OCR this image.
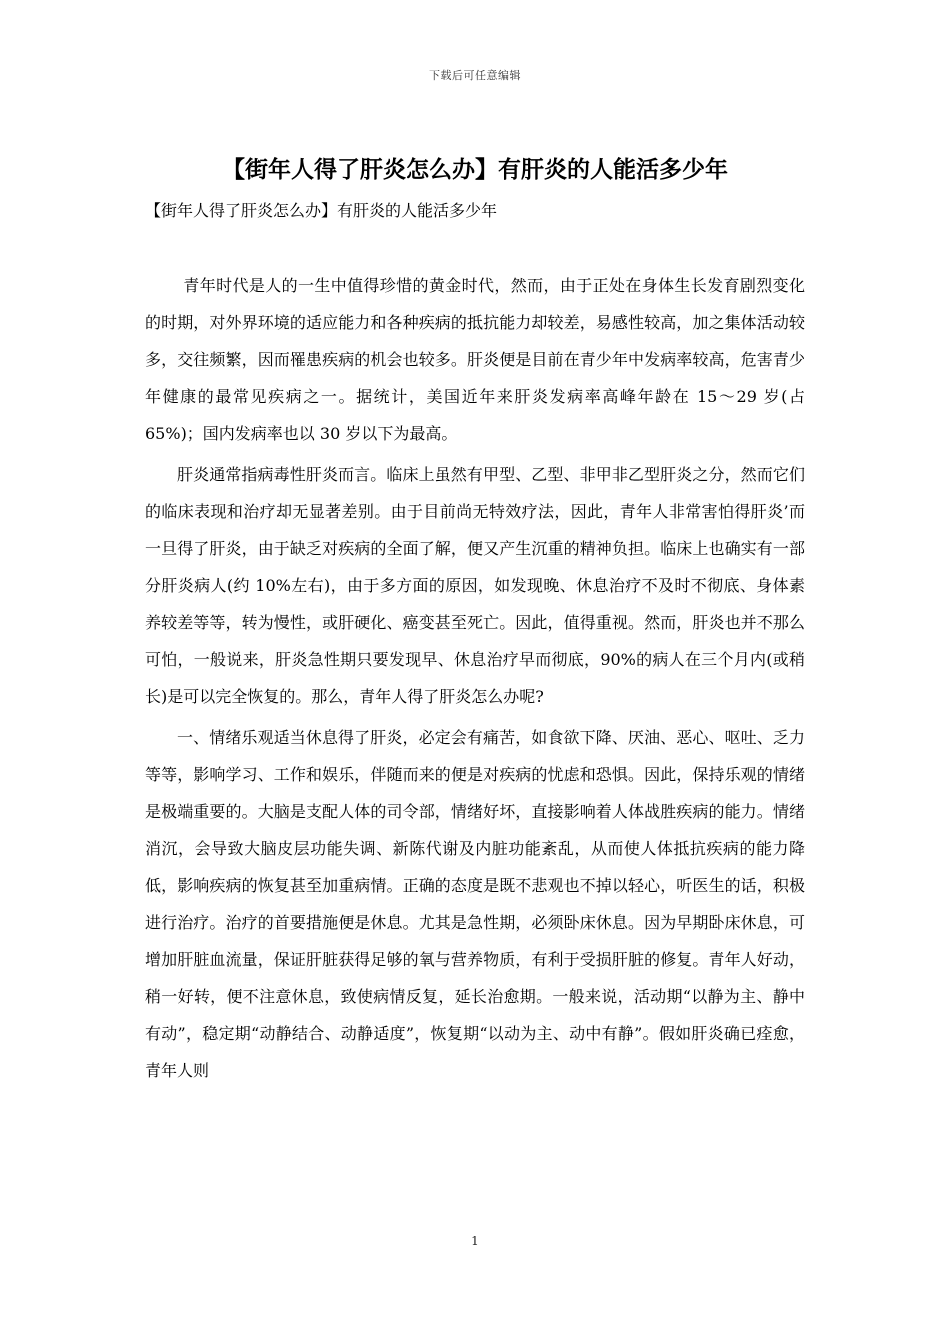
下载后可任意编辑
【街年人得了肝炎怎么办】有肝炎的人能活多少年

【街年人得了肝炎怎么办】有肝炎的人能活多少年

青年时代是人的一生中值得珍惜的黄金时代，然而，由于正处在身体生长发育剧烈变化的时期，对外界环境的适应能力和各种疾病的抵抗能力却较差，易感性较高，加之集体活动较多，交往频繁，因而罹患疾病的机会也较多。肝炎便是目前在青少年中发病率较高，危害青少年健康的最常见疾病之一。据统计，美国近年来肝炎发病率高峰年龄在 15～29 岁(占 65%)；国内发病率也以 30 岁以下为最高。

肝炎通常指病毒性肝炎而言。临床上虽然有甲型、乙型、非甲非乙型肝炎之分，然而它们的临床表现和治疗却无显著差别。由于目前尚无特效疗法，因此，青年人非常害怕得肝炎’而一旦得了肝炎，由于缺乏对疾病的全面了解，便又产生沉重的精神负担。临床上也确实有一部分肝炎病人(约 10%左右)，由于多方面的原因，如发现晚、休息治疗不及时不彻底、身体素养较差等等，转为慢性，或肝硬化、癌变甚至死亡。因此，值得重视。然而，肝炎也并不那么可怕，一般说来，肝炎急性期只要发现早、休息治疗早而彻底，90%的病人在三个月内(或稍长)是可以完全恢复的。那么，青年人得了肝炎怎么办呢?

一、情绪乐观适当休息得了肝炎，必定会有痛苦，如食欲下降、厌油、恶心、呕吐、乏力等等，影响学习、工作和娱乐，伴随而来的便是对疾病的忧虑和恐惧。因此，保持乐观的情绪是极端重要的。大脑是支配人体的司令部，情绪好坏，直接影响着人体战胜疾病的能力。情绪消沉，会导致大脑皮层功能失调、新陈代谢及内脏功能紊乱，从而使人体抵抗疾病的能力降低，影响疾病的恢复甚至加重病情。正确的态度是既不悲观也不掉以轻心，听医生的话，积极进行治疗。治疗的首要措施便是休息。尤其是急性期，必须卧床休息。因为早期卧床休息，可增加肝脏血流量，保证肝脏获得足够的氧与营养物质，有利于受损肝脏的修复。青年人好动，稍一好转，便不注意休息，致使病情反复，延长治愈期。一般来说，活动期“以静为主、静中有动”，稳定期“动静结合、动静适度”，恢复期“以动为主、动中有静”。假如肝炎确已痊愈，青年人则

1
